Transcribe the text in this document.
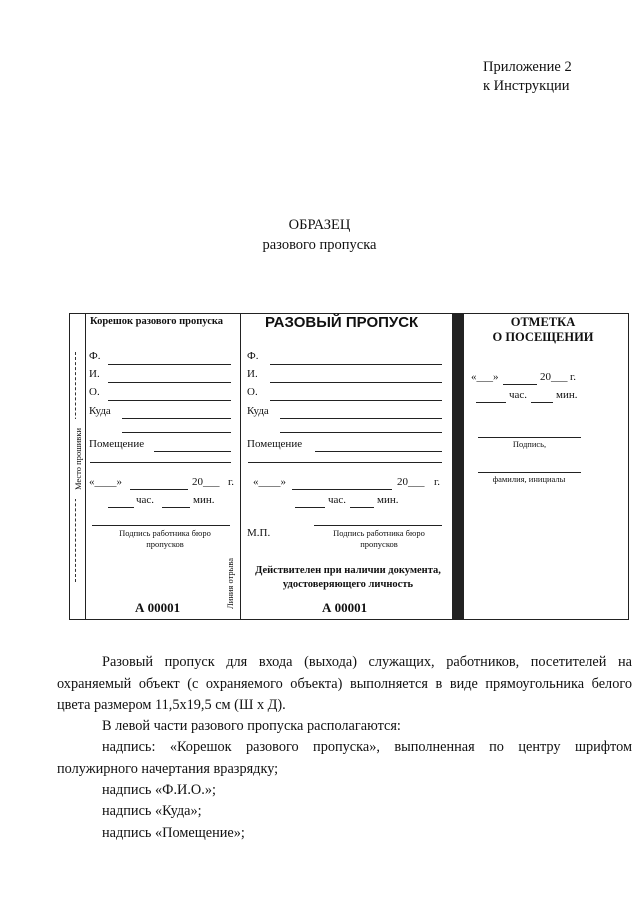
Приложение 2
к Инструкции
ОБРАЗЕЦ
разового пропуска
Место прошивки
Корешок разового пропуска
Ф.
И.
О.
Куда
Помещение
«____»	20___ г.
час.	мин.
Подпись работника бюро пропусков
А 00001	Линия отрыва
РАЗОВЫЙ ПРОПУСК
Ф.
И.
О.
Куда
Помещение
«____»	20___ г.
час.	мин.
М.П.	Подпись работника бюро пропусков
Действителен при наличии документа, удостоверяющего личность
А 00001
ОТМЕТКА
О ПОСЕЩЕНИИ
«___»	20___ г.
час.	мин.
Подпись,
фамилия, инициалы
Разовый пропуск для входа (выхода) служащих, работников, посетителей на охраняемый объект (с охраняемого объекта) выполняется в виде прямоугольника белого цвета размером 11,5х19,5 см (Ш х Д).
В левой части разового пропуска располагаются:
надпись: «Корешок разового пропуска», выполненная по центру шрифтом полужирного начертания вразрядку;
надпись «Ф.И.О.»;
надпись «Куда»;
надпись «Помещение»;
